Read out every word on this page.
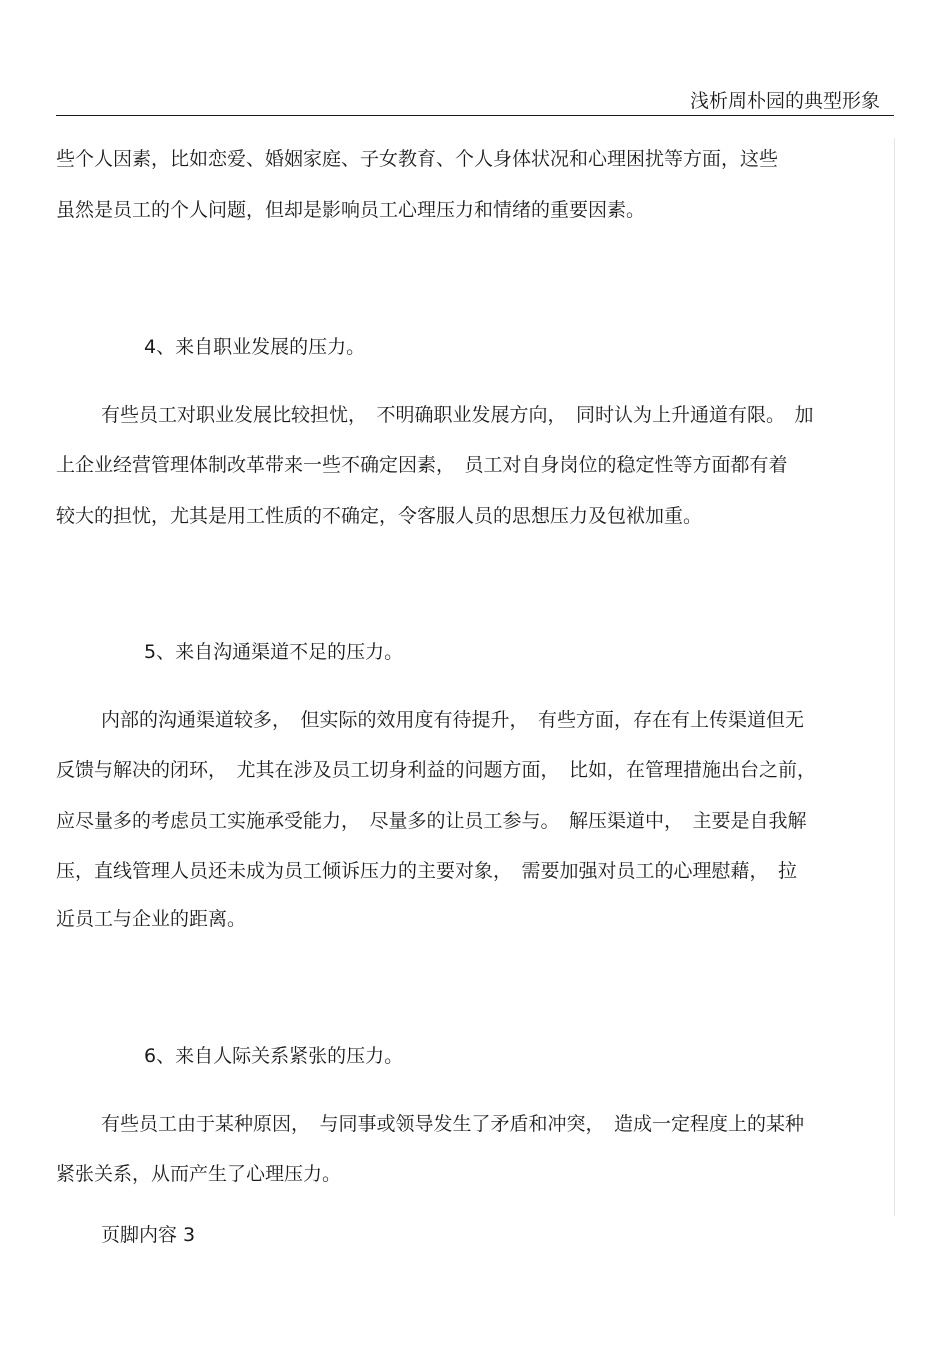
浅析周朴园的典型形象
些个人因素，比如恋爱、婚姻家庭、子女教育、个人身体状况和心理困扰等方面，这些
虽然是员工的个人问题，但却是影响员工心理压力和情绪的重要因素。
4、来自职业发展的压力。
有些员工对职业发展比较担忧，　不明确职业发展方向，　同时认为上升通道有限。　加
上企业经营管理体制改革带来一些不确定因素，　员工对自身岗位的稳定性等方面都有着
较大的担忧，尤其是用工性质的不确定，令客服人员的思想压力及包袱加重。
5、来自沟通渠道不足的压力。
内部的沟通渠道较多，　但实际的效用度有待提升，　有些方面，存在有上传渠道但无
反馈与解决的闭环，　尤其在涉及员工切身利益的问题方面，　比如，在管理措施出台之前，
应尽量多的考虑员工实施承受能力，　尽量多的让员工参与。　解压渠道中，　主要是自我解
压，直线管理人员还未成为员工倾诉压力的主要对象，　需要加强对员工的心理慰藉，　拉
近员工与企业的距离。
6、来自人际关系紧张的压力。
有些员工由于某种原因，　与同事或领导发生了矛盾和冲突，　造成一定程度上的某种
紧张关系，从而产生了心理压力。
页脚内容 3
